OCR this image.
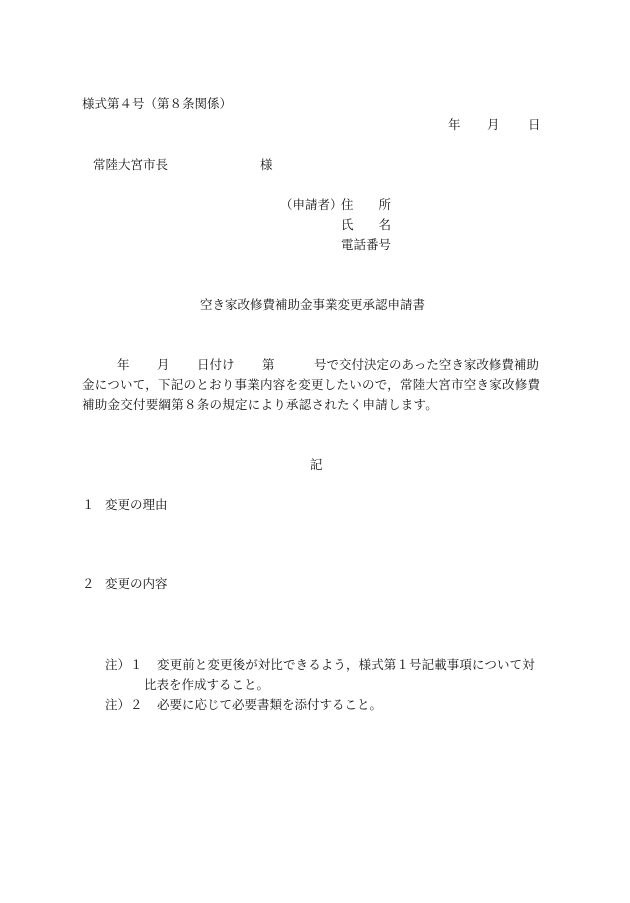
様式第４号（第８条関係）
年 月 日
常陸大宮市長	様
（申請者）
住　　所
氏　　名
電話番号
空き家改修費補助金事業変更承認申請書
年 月 日付け 第	号で交付決定のあった空き家改修費補助
金について，下記のとおり事業内容を変更したいので，常陸大宮市空き家改修費
補助金交付要綱第８条の規定により承認されたく申請します。
記
１ 変更の理由
２ 変更の内容
注）１ 変更前と変更後が対比できるよう，様式第１号記載事項について対
比表を作成すること。
注）２ 必要に応じて必要書類を添付すること。
